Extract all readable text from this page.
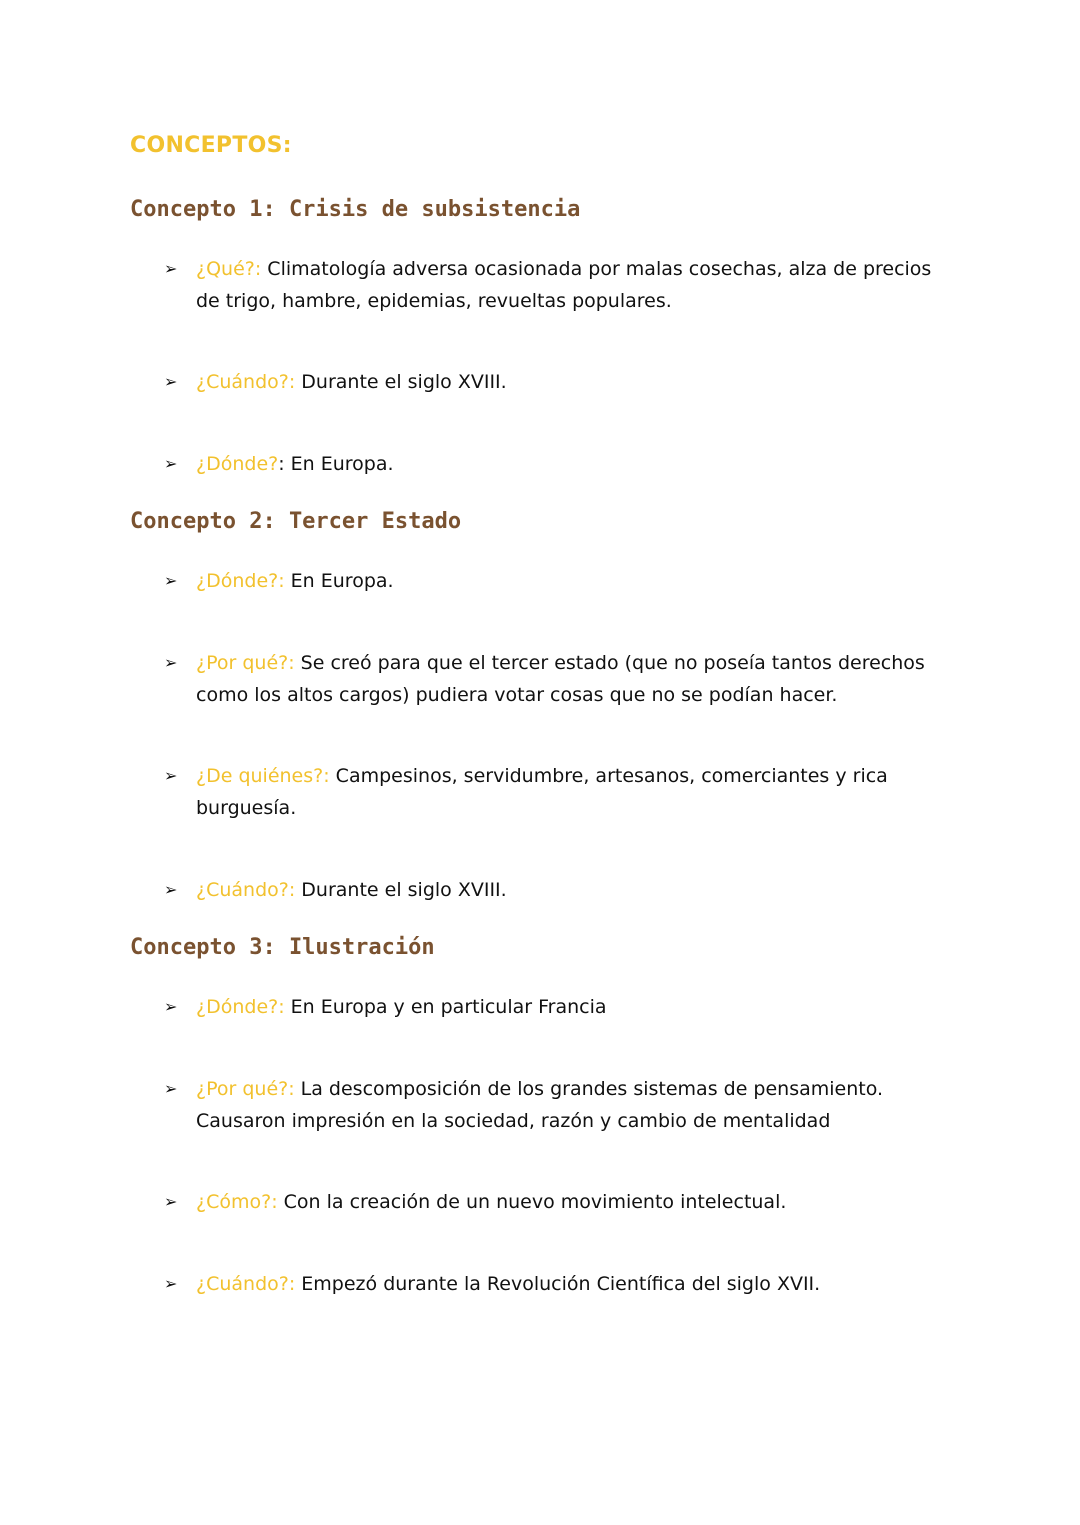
CONCEPTOS:
Concepto 1: Crisis de subsistencia

➢ ¿Qué?: Climatología adversa ocasionada por malas cosechas, alza de precios de trigo, hambre, epidemias, revueltas populares.

➢ ¿Cuándo?: Durante el siglo XVIII.

➢ ¿Dónde?: En Europa.

Concepto 2: Tercer Estado

➢ ¿Dónde?: En Europa.

➢ ¿Por qué?: Se creó para que el tercer estado (que no poseía tantos derechos como los altos cargos) pudiera votar cosas que no se podían hacer.

➢ ¿De quiénes?: Campesinos, servidumbre, artesanos, comerciantes y rica burguesía.

➢ ¿Cuándo?: Durante el siglo XVIII.

Concepto 3: Ilustración

➢ ¿Dónde?: En Europa y en particular Francia

➢ ¿Por qué?: La descomposición de los grandes sistemas de pensamiento. Causaron impresión en la sociedad, razón y cambio de mentalidad

➢ ¿Cómo?: Con la creación de un nuevo movimiento intelectual.

➢ ¿Cuándo?: Empezó durante la Revolución Científica del siglo XVII.
